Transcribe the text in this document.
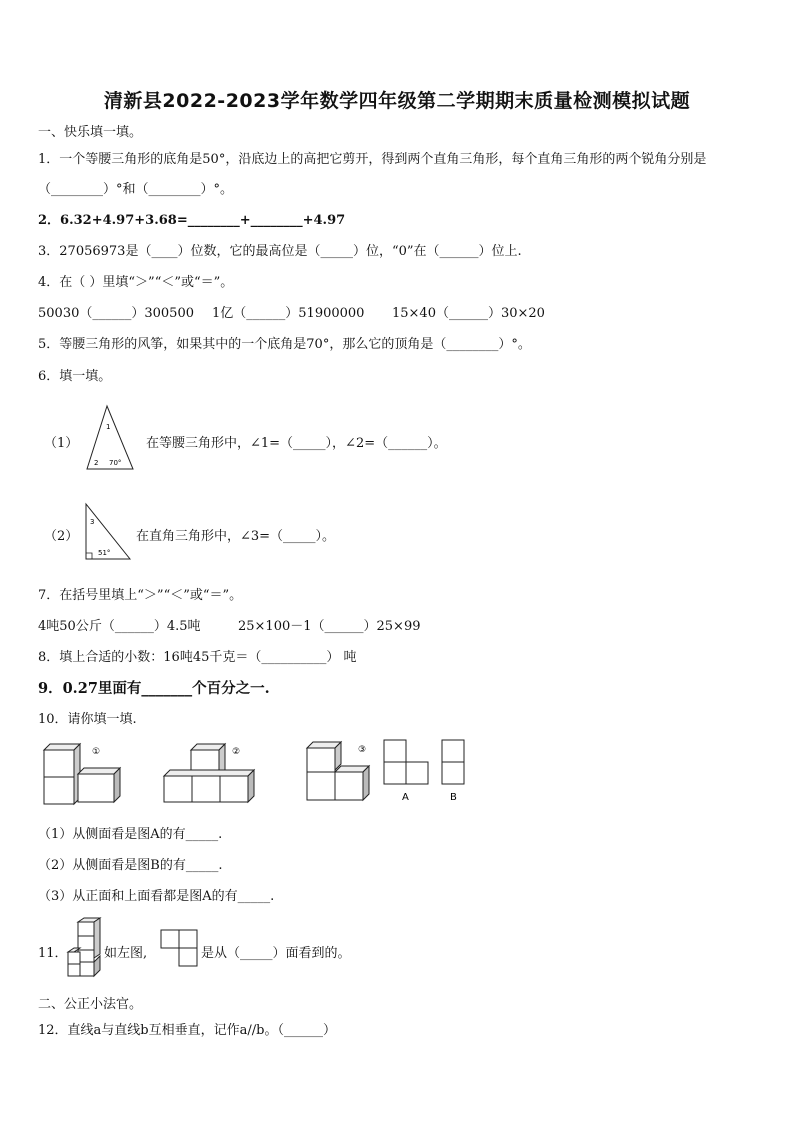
清新县2022-2023学年数学四年级第二学期期末质量检测模拟试题
一、快乐填一填。
1．一个等腰三角形的底角是50°，沿底边上的高把它剪开，得到两个直角三角形，每个直角三角形的两个锐角分别是
（________）°和（________）°。
2．6.32+4.97+3.68=________+________+4.97
3．27056973是（____）位数，它的最高位是（_____）位，“0”在（______）位上.
4．在（ ）里填“＞”“＜”或“＝”。
50030（______）300500 1亿（______）51900000 15×40（______）30×20
5．等腰三角形的风筝，如果其中的一个底角是70°，那么它的顶角是（________）°。
6．填一填。
（1）
1
2 70°
在等腰三角形中，∠1=（_____），∠2=（______）。
（2）
3
51°
在直角三角形中，∠3=（_____）。
7．在括号里填上“＞”“＜”或“＝”。
4吨50公斤（______）4.5吨	25×100－1（______）25×99
8．填上合适的小数：16吨45千克＝（__________） 吨
9．0.27里面有_______个百分之一.
10．请你填一填.
①	②	③
A	B
（1）从侧面看是图A的有_____.
（2）从侧面看是图B的有_____.
（3）从正面和上面看都是图A的有_____.
11．	如左图,	是从（_____）面看到的。
二、公正小法官。
12．直线a与直线b互相垂直，记作a//b。（______）
